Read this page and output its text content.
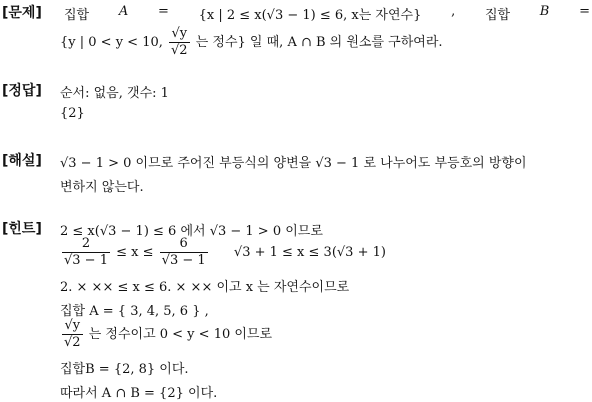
[문제] 집합 A = {x | 2 ≤ x(√3 − 1) ≤ 6, x는 자연수} , 집합 B =
{y | 0 < y < 10, $\frac{√y}{√2}$ 는 정수} 일 때, A ∩ B 의 원소를 구하여라.
[정답] 순서: 없음, 갯수: 1
{2}
[해설] √3 − 1 > 0 이므로 주어진 부등식의 양변을 √3 − 1 로 나누어도 부등호의 방향이
변하지 않는다.
[힌트] 2 ≤ x(√3 − 1) ≤ 6 에서 √3 − 1 > 0 이므로
$\frac{2}{√3 - 1} \le x \le \frac{6}{√3 - 1} √3 + 1 \le x \le 3(√3 + 1)$
2. × ×× ≤ x ≤ 6. × ×× 이고 x 는 자연수이므로
집합 A = { 3, 4, 5, 6 } ,
$\frac{√y}{√2}$ 는 정수이고 0 < y < 10 이므로
집합B = {2, 8} 이다.
따라서 A ∩ B = {2} 이다.
